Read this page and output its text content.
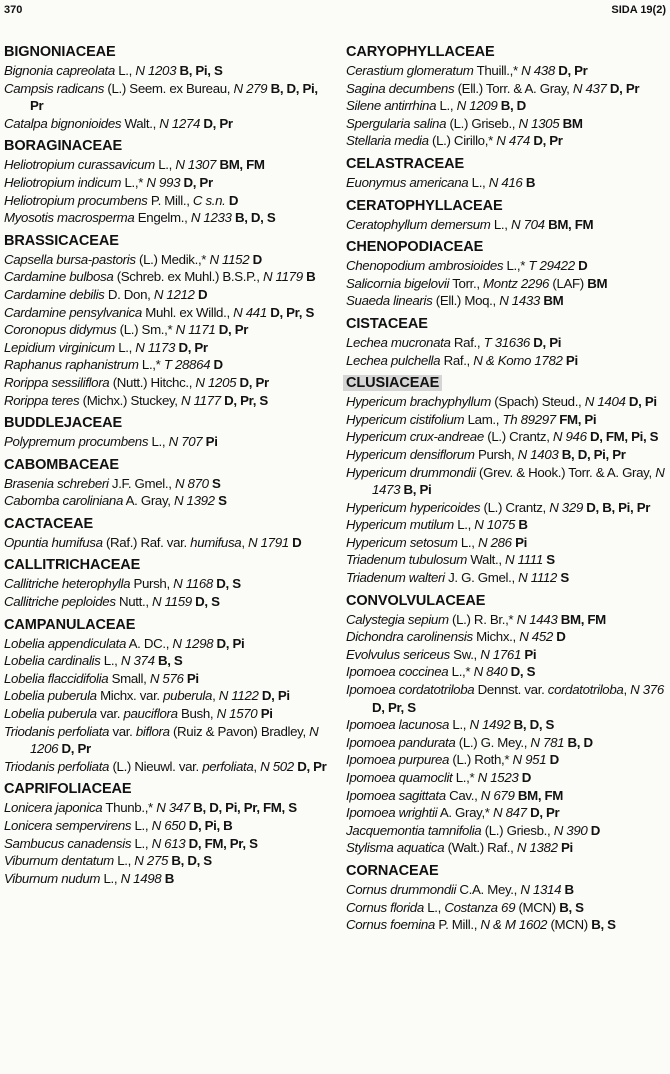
370	SIDA 19(2)
BIGNONIACEAE
Bignonia capreolata L., N 1203 B, Pi, S
Campsis radicans (L.) Seem. ex Bureau, N 279 B, D, Pi, Pr
Catalpa bignonioides Walt., N 1274 D, Pr
BORAGINACEAE
Heliotropium curassavicum L., N 1307 BM, FM
Heliotropium indicum L.,* N 993 D, Pr
Heliotropium procumbens P. Mill., C s.n. D
Myosotis macrosperma Engelm., N 1233 B, D, S
BRASSICACEAE
Capsella bursa-pastoris (L.) Medik.,* N 1152 D
Cardamine bulbosa (Schreb. ex Muhl.) B.S.P., N 1179 B
Cardamine debilis D. Don, N 1212 D
Cardamine pensylvanica Muhl. ex Willd., N 441 D, Pr, S
Coronopus didymus (L.) Sm.,* N 1171 D, Pr
Lepidium virginicum L., N 1173 D, Pr
Raphanus raphanistrum L.,* T 28864 D
Rorippa sessiliflora (Nutt.) Hitchc., N 1205 D, Pr
Rorippa teres (Michx.) Stuckey, N 1177 D, Pr, S
BUDDLEJACEAE
Polypremum procumbens L., N 707 Pi
CABOMBACEAE
Brasenia schreberi J.F. Gmel., N 870 S
Cabomba caroliniana A. Gray, N 1392 S
CACTACEAE
Opuntia humifusa (Raf.) Raf. var. humifusa, N 1791 D
CALLITRICHACEAE
Callitriche heterophylla Pursh, N 1168 D, S
Callitriche peploides Nutt., N 1159 D, S
CAMPANULACEAE
Lobelia appendiculata A. DC., N 1298 D, Pi
Lobelia cardinalis L., N 374 B, S
Lobelia flaccidifolia Small, N 576 Pi
Lobelia puberula Michx. var. puberula, N 1122 D, Pi
Lobelia puberula var. pauciflora Bush, N 1570 Pi
Triodanis perfoliata var. biflora (Ruiz & Pavon) Bradley, N 1206 D, Pr
Triodanis perfoliata (L.) Nieuwl. var. perfoliata, N 502 D, Pr
CAPRIFOLIACEAE
Lonicera japonica Thunb.,* N 347 B, D, Pi, Pr, FM, S
Lonicera sempervirens L., N 650 D, Pi, B
Sambucus canadensis L., N 613 D, FM, Pr, S
Viburnum dentatum L., N 275 B, D, S
Viburnum nudum L., N 1498 B
CARYOPHYLLACEAE
Cerastium glomeratum Thuill.,* N 438 D, Pr
Sagina decumbens (Ell.) Torr. & A. Gray, N 437 D, Pr
Silene antirrhina L., N 1209 B, D
Spergularia salina (L.) Griseb., N 1305 BM
Stellaria media (L.) Cirillo,* N 474 D, Pr
CELASTRACEAE
Euonymus americana L., N 416 B
CERATOPHYLLACEAE
Ceratophyllum demersum L., N 704 BM, FM
CHENOPODIACEAE
Chenopodium ambrosioides L.,* T 29422 D
Salicornia bigelovii Torr., Montz 2296 (LAF) BM
Suaeda linearis (Ell.) Moq., N 1433 BM
CISTACEAE
Lechea mucronata Raf., T 31636 D, Pi
Lechea pulchella Raf., N & Komo 1782 Pi
CLUSIACEAE
Hypericum brachyphyllum (Spach) Steud., N 1404 D, Pi
Hypericum cistifolium Lam., Th 89297 FM, Pi
Hypericum crux-andreae (L.) Crantz, N 946 D, FM, Pi, S
Hypericum densiflorum Pursh, N 1403 B, D, Pi, Pr
Hypericum drummondii (Grev. & Hook.) Torr. & A. Gray, N 1473 B, Pi
Hypericum hypericoides (L.) Crantz, N 329 D, B, Pi, Pr
Hypericum mutilum L., N 1075 B
Hypericum setosum L., N 286 Pi
Triadenum tubulosum Walt., N 1111 S
Triadenum walteri J. G. Gmel., N 1112 S
CONVOLVULACEAE
Calystegia sepium (L.) R. Br.,* N 1443 BM, FM
Dichondra carolinensis Michx., N 452 D
Evolvulus sericeus Sw., N 1761 Pi
Ipomoea coccinea L.,* N 840 D, S
Ipomoea cordatotriloba Dennst. var. cordatotriloba, N 376 D, Pr, S
Ipomoea lacunosa L., N 1492 B, D, S
Ipomoea pandurata (L.) G. Mey., N 781 B, D
Ipomoea purpurea (L.) Roth,* N 951 D
Ipomoea quamoclit L.,* N 1523 D
Ipomoea sagittata Cav., N 679 BM, FM
Ipomoea wrightii A. Gray,* N 847 D, Pr
Jacquemontia tamnifolia (L.) Griesb., N 390 D
Stylisma aquatica (Walt.) Raf., N 1382 Pi
CORNACEAE
Cornus drummondii C.A. Mey., N 1314 B
Cornus florida L., Costanza 69 (MCN) B, S
Cornus foemina P. Mill., N & M 1602 (MCN) B, S
